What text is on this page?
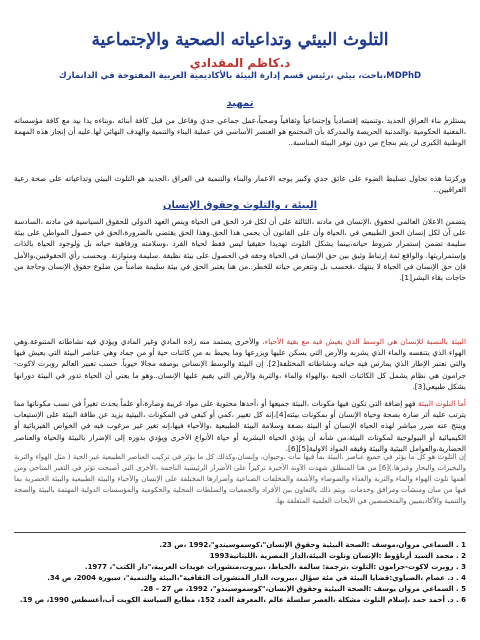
التلوث البيئي وتداعياته الصحية والإجتماعية
د.كاظم المقدادي
MDPhD،باحث، بيئي ،رئيس قسم إدارة البيئة بالأكاديمية العربية المفتوحة في الدانمارك
تمهيد
يستلزم بناء العراق الجديد ،وتنميته إقتصادياً وإجتماعياً وثقافياً وصحياً،عمل جماعي جدي وفاعل من قبل كافة أبنائه ،وبناءه يدا بيد مع كافة مؤسساته ،المعنية الحكومية ،والمدنية الحريصة والمدركة بأن المجتمع هو العنصر الأساسي في عملية البناء والتنمية والهدف النهائي لها.عليه أن إنجاز هذه المهمة الوطنية الكبرى لن يتم بنجاح من دون توفر البيئة المناسبة..
وركزتنا هذه تحاول تسليط الضوء على عائق جدي وكبير يوجه الاعمار والبناء والتنمية في العراق ،الجديد هو التلوث البيئي وتداعياته على صحة رعية العراقيين..
البيئة ، والتلوث وحقوق الإنسان
يتضمن الاعلان العالمي لحقوق ،الإنسان في مادته ،الثالثة على أن لكل فرد الحق في الحياة وينص العهد الدولي للحقوق السياسية في مادته ،السادسة على أن لكل إنسان الحق الطبيعي في ،الحياة وأن على القانون أن يحمي هذا الحق.وهذا الحق يقتضي بالضرورة،الحق في حصول المواطن على بيئة سليمة تضمن إستمرار شروط حياته،بينما يشكل التلوث تهديدا حقيقيا ليس فقط لحياة الفرد ،وسلامته ورفاهية حياته بل ولوجود الحياة بالذات وإستمراريتها. والواقع ثمة إرتباط وثيق بين حق الإنسان في الحياة وحقه في الحصول على بيئة نظيفة .سليمة ومتوازنة. وبحسب رأي الحقوقيين،والأمل فإن حق الإنسان في الحياة لا ينتهك ،فحسب بل وتتعرض حياته للخطر..من هنا يعتبر الحق في بيئة سليمة ضامناً من ضلوع حقوق الإنسان وحاجة من حاجات بقاء البشر[1].
البيئة بالنسبة للإنسان هي الوسط الذي يعيش فيه مع بقية الأحياء، والأخرى يستمد منه زاده المادي وغير المادي ويؤدي فيه نشاطاته المتنوعة.وهي الهواء الذي يتنفسه والماء الذي يشربه والأرض التي يسكن عليها ويزرعها وما يحيط به من كائنات حية أو من جماد وهي عناصر البيئة التي يعيش فيها والتي تعتبر الإطار الذي يمارس فيه حياته ونشاطاته المختلفة[2]. إن البيئة والوسط الإنساني بوصفه مجالا حيوياً. حسب تعبير العالم روبرت لاكوت-جرامون هي نظام يشمل كل الكائنات الحية ،والهواء والماء ،والتربة والأرض التي يقيم عليها الإنسان..وهو ما يعني أن الحياة تدور في البيئة دورانها بشكل طبيعي[3].
أما التلوث البيئة فهو إضافة التي تكون فيها مكونات ،البيئة جميعها أو ،أحدها محتوية على مواد غريبة وضارة،أو علماً يحدث تغيراً في نسب مكوناتها مما يترتب عليه أثر ضارة بصحة وحياة الإنسان أو بمكونات بيئته[4]،إنه كل تغيير ،كمي أو كيفي في المكونات ،البيئية يزيد عن طاقة البيئة على الإستيعاب وينتج عنه ضرر مباشر لهذه الحياة الإنسان أو البيئة بصفة وسلامة البيئة الطبيعية ،والأحياء فيها،إنه تغير غير مرغوب فيه في الخواص الفيزيائية أو الكيميائية أو البيولوجية لمكونات البيئة،من شأنه أن يؤذي الحياة البشرية أو حياة الأنواع الأخرى ويؤدي بدوره إلى الإضرار بالبيئة والحياة والعناصر الحضارية،والعوامل البيئية والبيئة وقيقه المواد الاولية[5][6].
إن التلوث هو كل ما يؤثر في جميع عناصر ،البيئة بما فيها نبات ،وحيوان، وإنسان،وكذلك كل ما يؤثر في تركيب العناصر الطبيعية غير الحية ( مثل الهواء والتربة والبحيرات والبحار وغيرها.)[6] من هنا المنطلق شهدت الآونة الأخيرة تركيزاً على الأضرار الرئيسية الناجمة ،الأخرى التي أصبحت تؤثر في التغير المناخي ومن أهمها تلوث الهواء والماء والتربة والغذاء والضوضاء والأشعة والمخلفات الصناعية وأضرارها المختلفة على الإنسان والأحياء والبيئة الطبيعية والبيئة الحضرية بما فيها من مبان ومنشآت ومرافق وخدمات. ويتم ذلك بالتعاون بين الأفراد والجمعيات والسلطات المحلية والحكومية والمؤسسات الدولية المهتمة بالبيئة والصحة والتنمية والأكاديميين والمتخصصين في الأبحاث العلمية المتعلقة بها.
1 . السماعي مروان،موسف :الصحة البيئية وحقوق الإنسان"،كوسموسيندو"،1992 ،ص 23.
2 . محمد السيد أرناؤوط :الإنسان وتلوث البيئة،الدار المصرية ،اللبنانية1993
3 . روبرت لاكوت-جرامون :التلوث ،ترجمة: سالمة ،الخياط، ،بيروت،منشورات عويدات العربية،"دار الكتب"، 1977.
4 . د. عصام ،الصباوي:قضايا البيئة في مئة سؤال ،بيروت، الدار المنشورات الثقافية"،البيئة والتنمية"، سبورة 2004، ص 34.
5 . السماعي مروان يوسف :الصحة البيئية وحقوق الإنسان،"كوسموسيندو"، 1992، ص 27 – 28.
6 . د. أحمد حمد ،إسلام التلوث مشكلة ،العصر سلسلة عالم ،المعرفة العدد 152، مطابع السياسة الكويت آب،أغسطس 1990، ص 19.
